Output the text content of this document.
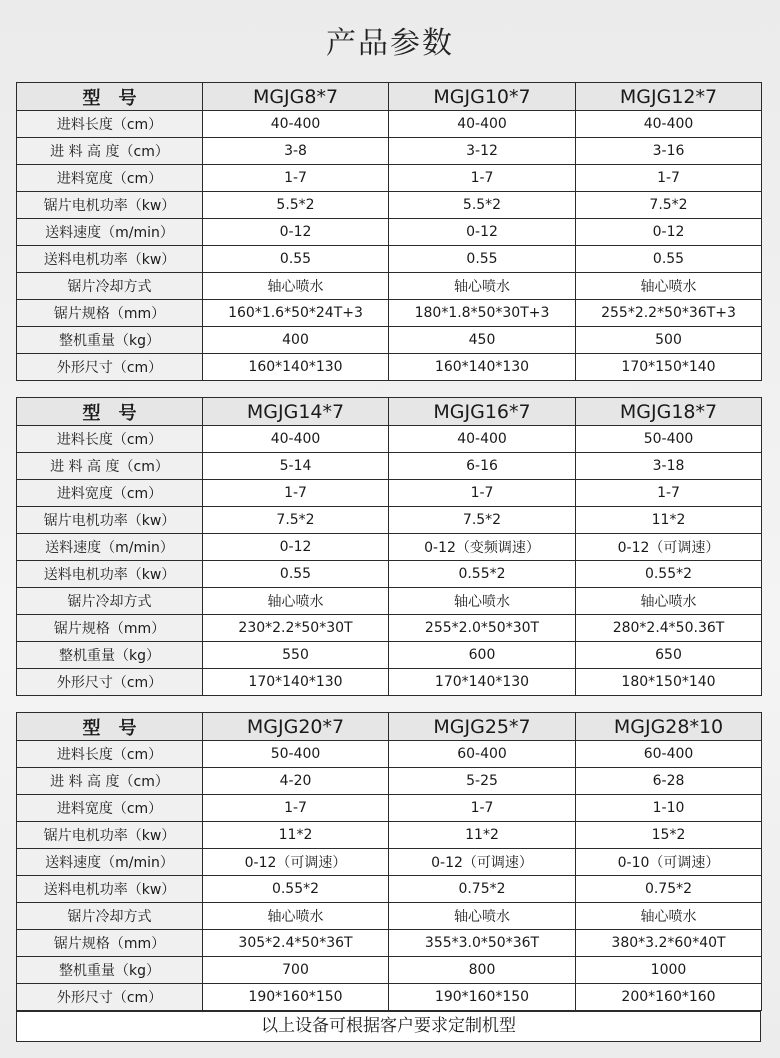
产品参数
型　号	MGJG8*7	MGJG10*7	MGJG12*7
进料长度（cm）	40-400	40-400	40-400
进 料 高 度（cm）	3-8	3-12	3-16
进料宽度（cm）	1-7	1-7	1-7
锯片电机功率（kw）	5.5*2	5.5*2	7.5*2
送料速度（m/min）	0-12	0-12	0-12
送料电机功率（kw）	0.55	0.55	0.55
锯片冷却方式	轴心喷水	轴心喷水	轴心喷水
锯片规格（mm）	160*1.6*50*24T+3	180*1.8*50*30T+3	255*2.2*50*36T+3
整机重量（kg）	400	450	500
外形尺寸（cm）	160*140*130	160*140*130	170*150*140
型　号	MGJG14*7	MGJG16*7	MGJG18*7
进料长度（cm）	40-400	40-400	50-400
进 料 高 度（cm）	5-14	6-16	3-18
进料宽度（cm）	1-7	1-7	1-7
锯片电机功率（kw）	7.5*2	7.5*2	11*2
送料速度（m/min）	0-12	0-12（变频调速）	0-12（可调速）
送料电机功率（kw）	0.55	0.55*2	0.55*2
锯片冷却方式	轴心喷水	轴心喷水	轴心喷水
锯片规格（mm）	230*2.2*50*30T	255*2.0*50*30T	280*2.4*50.36T
整机重量（kg）	550	600	650
外形尺寸（cm）	170*140*130	170*140*130	180*150*140
型　号	MGJG20*7	MGJG25*7	MGJG28*10
进料长度（cm）	50-400	60-400	60-400
进 料 高 度（cm）	4-20	5-25	6-28
进料宽度（cm）	1-7	1-7	1-10
锯片电机功率（kw）	11*2	11*2	15*2
送料速度（m/min）	0-12（可调速）	0-12（可调速）	0-10（可调速）
送料电机功率（kw）	0.55*2	0.75*2	0.75*2
锯片冷却方式	轴心喷水	轴心喷水	轴心喷水
锯片规格（mm）	305*2.4*50*36T	355*3.0*50*36T	380*3.2*60*40T
整机重量（kg）	700	800	1000
外形尺寸（cm）	190*160*150	190*160*150	200*160*160
以上设备可根据客户要求定制机型
